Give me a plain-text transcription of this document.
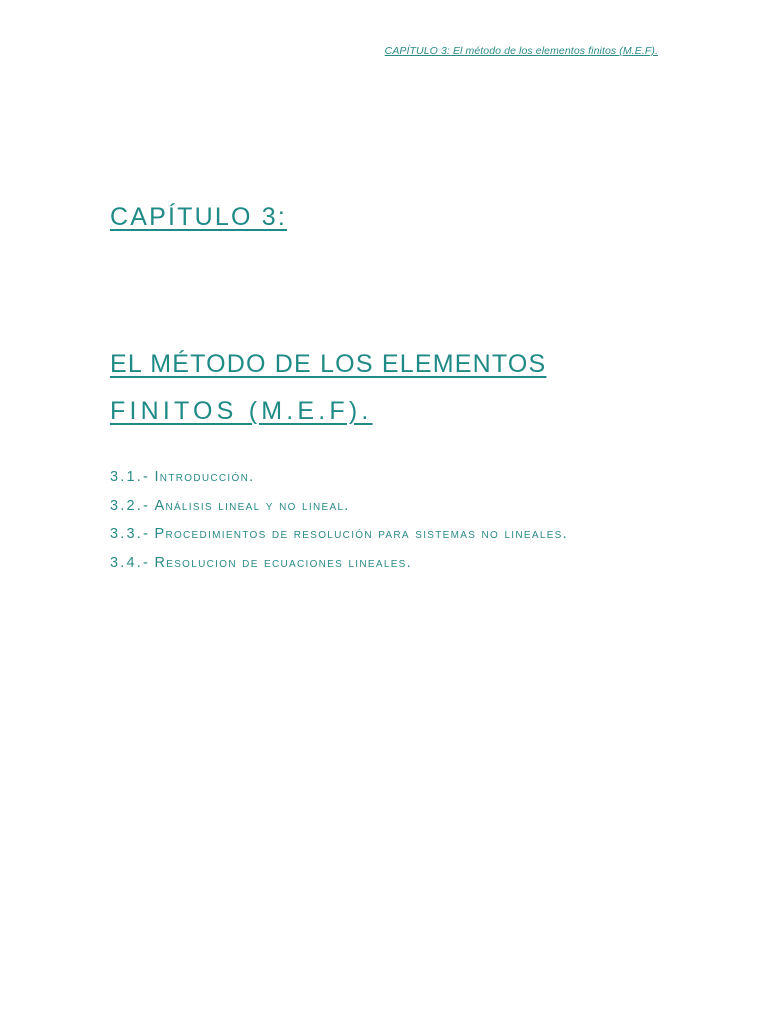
CAPÍTULO 3: El método de los elementos finitos (M.E.F).
CAPÍTULO 3:
EL MÉTODO DE LOS ELEMENTOS
FINITOS (M.E.F).
3.1.- Introducción.
3.2.- Análisis lineal y no lineal.
3.3.- Procedimientos de resolución para sistemas no lineales.
3.4.- Resolucion de ecuaciones lineales.
